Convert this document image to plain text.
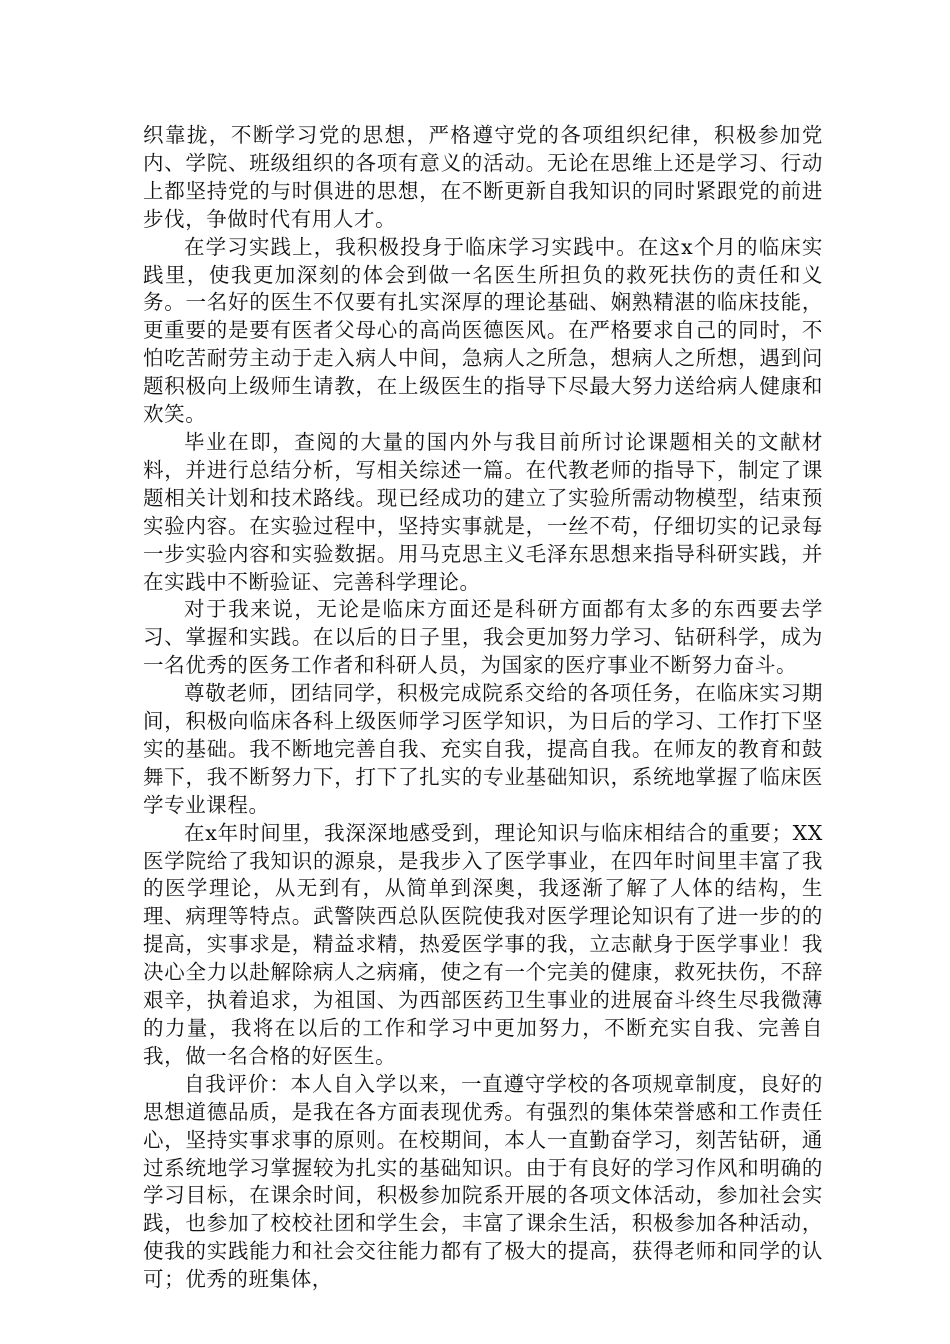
织靠拢，不断学习党的思想，严格遵守党的各项组织纪律，积极参加党内、学院、班级组织的各项有意义的活动。无论在思维上还是学习、行动上都坚持党的与时俱进的思想，在不断更新自我知识的同时紧跟党的前进步伐，争做时代有用人才。

在学习实践上，我积极投身于临床学习实践中。在这x个月的临床实践里，使我更加深刻的体会到做一名医生所担负的救死扶伤的责任和义务。一名好的医生不仅要有扎实深厚的理论基础、娴熟精湛的临床技能，更重要的是要有医者父母心的高尚医德医风。在严格要求自己的同时，不怕吃苦耐劳主动于走入病人中间，急病人之所急，想病人之所想，遇到问题积极向上级师生请教，在上级医生的指导下尽最大努力送给病人健康和欢笑。

毕业在即，查阅的大量的国内外与我目前所讨论课题相关的文献材料，并进行总结分析，写相关综述一篇。在代教老师的指导下，制定了课题相关计划和技术路线。现已经成功的建立了实验所需动物模型，结束预实验内容。在实验过程中，坚持实事就是，一丝不苟，仔细切实的记录每一步实验内容和实验数据。用马克思主义毛泽东思想来指导科研实践，并在实践中不断验证、完善科学理论。

对于我来说，无论是临床方面还是科研方面都有太多的东西要去学习、掌握和实践。在以后的日子里，我会更加努力学习、钻研科学，成为一名优秀的医务工作者和科研人员，为国家的医疗事业不断努力奋斗。

尊敬老师，团结同学，积极完成院系交给的各项任务，在临床实习期间，积极向临床各科上级医师学习医学知识，为日后的学习、工作打下坚实的基础。我不断地完善自我、充实自我，提高自我。在师友的教育和鼓舞下，我不断努力下，打下了扎实的专业基础知识，系统地掌握了临床医学专业课程。

在x年时间里，我深深地感受到，理论知识与临床相结合的重要；XX医学院给了我知识的源泉，是我步入了医学事业，在四年时间里丰富了我的医学理论，从无到有，从简单到深奥，我逐渐了解了人体的结构，生理、病理等特点。武警陕西总队医院使我对医学理论知识有了进一步的的提高，实事求是，精益求精，热爱医学事的我，立志献身于医学事业！我决心全力以赴解除病人之病痛，使之有一个完美的健康，救死扶伤，不辞艰辛，执着追求，为祖国、为西部医药卫生事业的进展奋斗终生尽我微薄的力量，我将在以后的工作和学习中更加努力，不断充实自我、完善自我，做一名合格的好医生。

自我评价：本人自入学以来，一直遵守学校的各项规章制度，良好的思想道德品质，是我在各方面表现优秀。有强烈的集体荣誉感和工作责任心，坚持实事求事的原则。在校期间，本人一直勤奋学习，刻苦钻研，通过系统地学习掌握较为扎实的基础知识。由于有良好的学习作风和明确的学习目标，在课余时间，积极参加院系开展的各项文体活动，参加社会实践，也参加了校校社团和学生会，丰富了课余生活，积极参加各种活动，使我的实践能力和社会交往能力都有了极大的提高，获得老师和同学的认可；优秀的班集体，
